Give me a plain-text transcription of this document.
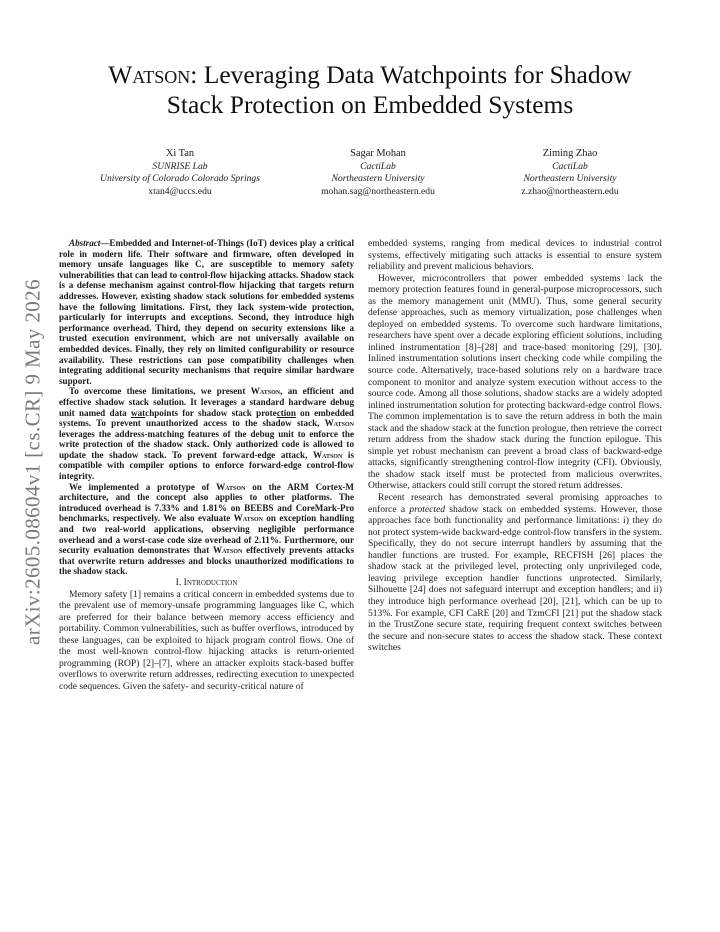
arXiv:2605.08604v1 [cs.CR] 9 May 2026
Watson: Leveraging Data Watchpoints for Shadow
Stack Protection on Embedded Systems
Xi Tan
SUNRISE Lab
University of Colorado Colorado Springs
xtan4@uccs.edu
Sagar Mohan
CactiLab
Northeastern University
mohan.sag@northeastern.edu
Ziming Zhao
CactiLab
Northeastern University
z.zhao@northeastern.edu

Abstract—Embedded and Internet-of-Things (IoT) devices play a critical role in modern life. Their software and firmware, often developed in memory unsafe languages like C, are susceptible to memory safety vulnerabilities that can lead to control-flow hijacking attacks. Shadow stack is a defense mechanism against control-flow hijacking that targets return addresses. However, existing shadow stack solutions for embedded systems have the following limitations. First, they lack system-wide protection, particularly for interrupts and exceptions. Second, they introduce high performance overhead. Third, they depend on security extensions like a trusted execution environment, which are not universally available on embedded devices. Finally, they rely on limited configurability or resource availability. These restrictions can pose compatibility challenges when integrating additional security mechanisms that require similar hardware support.

To overcome these limitations, we present Watson, an efficient and effective shadow stack solution. It leverages a standard hardware debug unit named data watchpoints for shadow stack protection on embedded systems. To prevent unauthorized access to the shadow stack, Watson leverages the address-matching features of the debug unit to enforce the write protection of the shadow stack. Only authorized code is allowed to update the shadow stack. To prevent forward-edge attack, Watson is compatible with compiler options to enforce forward-edge control-flow integrity.

We implemented a prototype of Watson on the ARM Cortex-M architecture, and the concept also applies to other platforms. The introduced overhead is 7.33% and 1.81% on BEEBS and CoreMark-Pro benchmarks, respectively. We also evaluate Watson on exception handling and two real-world applications, observing negligible performance overhead and a worst-case code size overhead of 2.11%. Furthermore, our security evaluation demonstrates that Watson effectively prevents attacks that overwrite return addresses and blocks unauthorized modifications to the shadow stack.

I. Introduction

Memory safety [1] remains a critical concern in embedded systems due to the prevalent use of memory-unsafe programming languages like C, which are preferred for their balance between memory access efficiency and portability. Common vulnerabilities, such as buffer overflows, introduced by these languages, can be exploited to hijack program control flows. One of the most well-known control-flow hijacking attacks is return-oriented programming (ROP) [2]–[7], where an attacker exploits stack-based buffer overflows to overwrite return addresses, redirecting execution to unexpected code sequences. Given the safety- and security-critical nature of

embedded systems, ranging from medical devices to industrial control systems, effectively mitigating such attacks is essential to ensure system reliability and prevent malicious behaviors.

However, microcontrollers that power embedded systems lack the memory protection features found in general-purpose microprocessors, such as the memory management unit (MMU). Thus, some general security defense approaches, such as memory virtualization, pose challenges when deployed on embedded systems. To overcome such hardware limitations, researchers have spent over a decade exploring efficient solutions, including inlined instrumentation [8]–[28] and trace-based monitoring [29], [30]. Inlined instrumentation solutions insert checking code while compiling the source code. Alternatively, trace-based solutions rely on a hardware trace component to monitor and analyze system execution without access to the source code. Among all those solutions, shadow stacks are a widely adopted inlined instrumentation solution for protecting backward-edge control flows. The common implementation is to save the return address in both the main stack and the shadow stack at the function prologue, then retrieve the correct return address from the shadow stack during the function epilogue. This simple yet robust mechanism can prevent a broad class of backward-edge attacks, significantly strengthening control-flow integrity (CFI). Obviously, the shadow stack itself must be protected from malicious overwrites. Otherwise, attackers could still corrupt the stored return addresses.

Recent research has demonstrated several promising approaches to enforce a protected shadow stack on embedded systems. However, those approaches face both functionality and performance limitations: i) they do not protect system-wide backward-edge control-flow transfers in the system. Specifically, they do not secure interrupt handlers by assuming that the handler functions are trusted. For example, RECFISH [26] places the shadow stack at the privileged level, protecting only unprivileged code, leaving privilege exception handler functions unprotected. Similarly, Silhouette [24] does not safeguard interrupt and exception handlers; and ii) they introduce high performance overhead [20], [21], which can be up to 513%. For example, CFI CaRE [20] and TzmCFI [21] put the shadow stack in the TrustZone secure state, requiring frequent context switches between the secure and non-secure states to access the shadow stack. These context switches
